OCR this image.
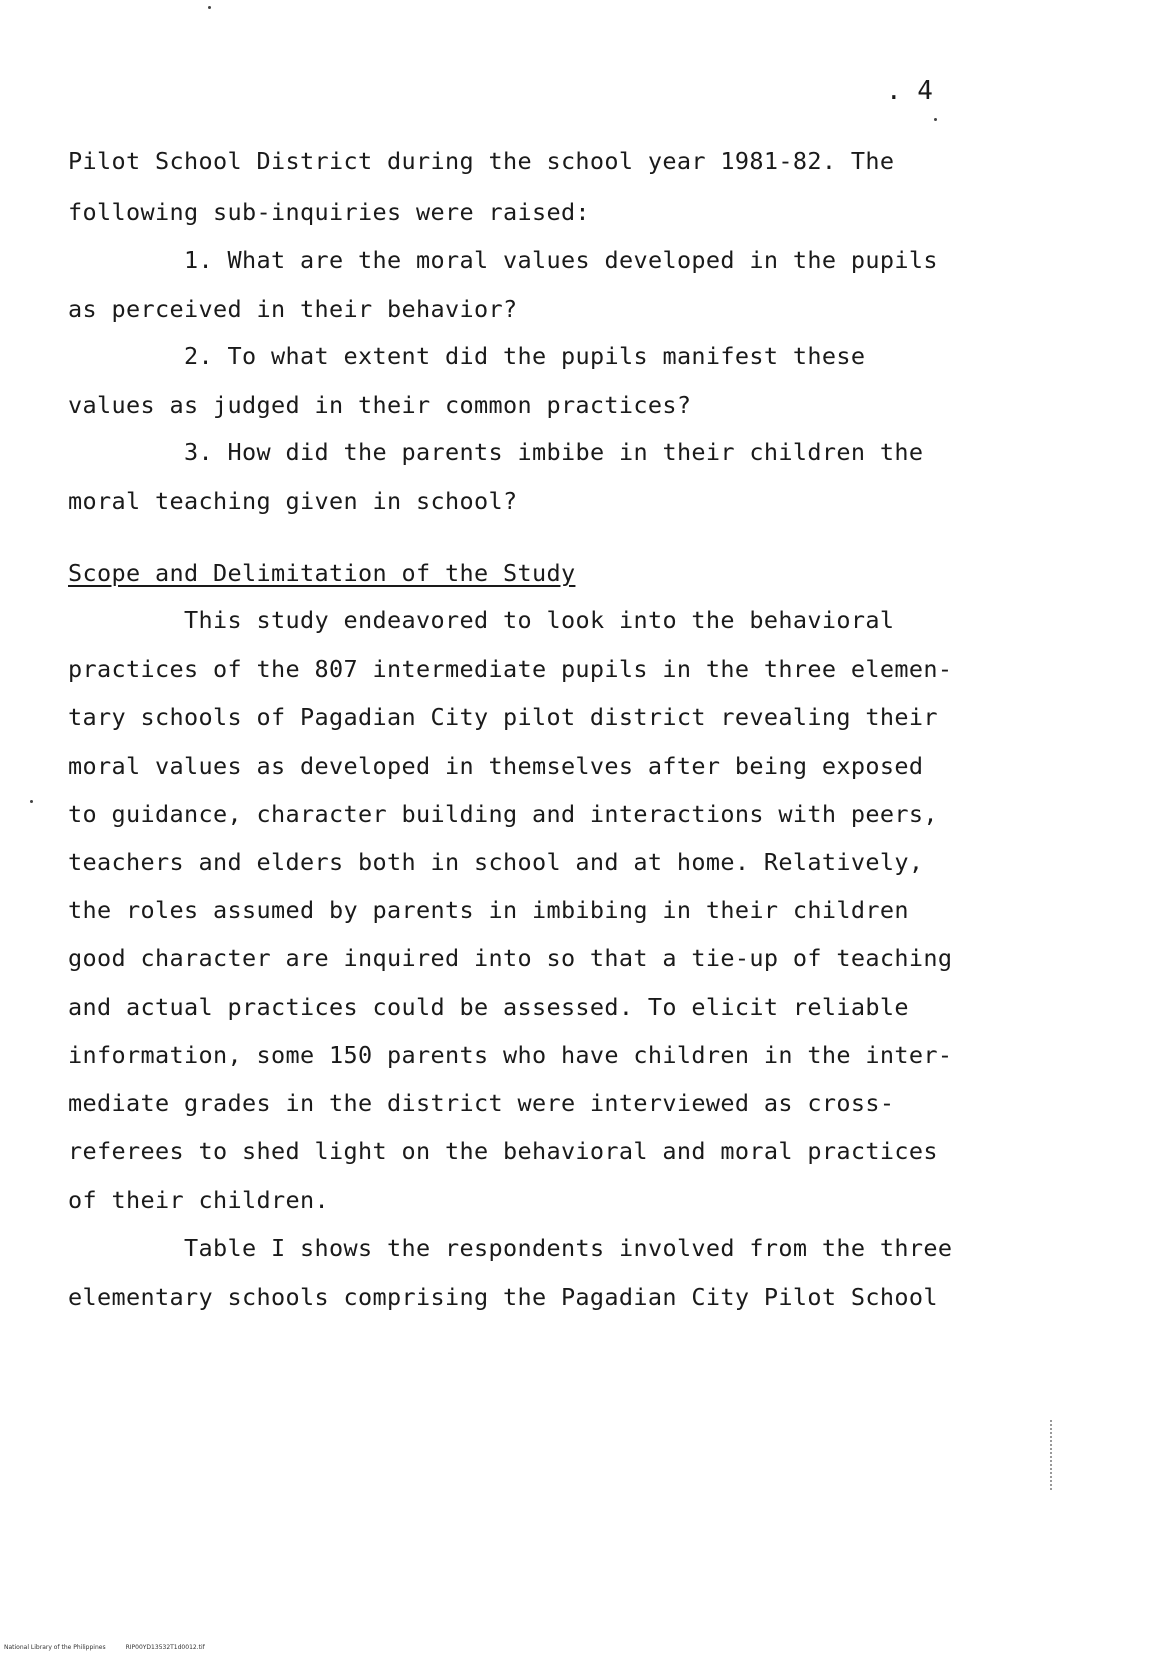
. 4
Pilot School District during the school year 1981-82. The
following sub-inquiries were raised:
1. What are the moral values developed in the pupils
as perceived in their behavior?
2. To what extent did the pupils manifest these
values as judged in their common practices?
3. How did the parents imbibe in their children the
moral teaching given in school?
Scope and Delimitation of the Study
This study endeavored to look into the behavioral
practices of the 807 intermediate pupils in the three elemen-
tary schools of Pagadian City pilot district revealing their
moral values as developed in themselves after being exposed
to guidance, character building and interactions with peers,
teachers and elders both in school and at home. Relatively,
the roles assumed by parents in imbibing in their children
good character are inquired into so that a tie-up of teaching
and actual practices could be assessed. To elicit reliable
information, some 150 parents who have children in the inter-
mediate grades in the district were interviewed as cross-
referees to shed light on the behavioral and moral practices
of their children.
Table I shows the respondents involved from the three
elementary schools comprising the Pagadian City Pilot School
National Library of the Philippines	RIP00YD13532T1d0012.tif
